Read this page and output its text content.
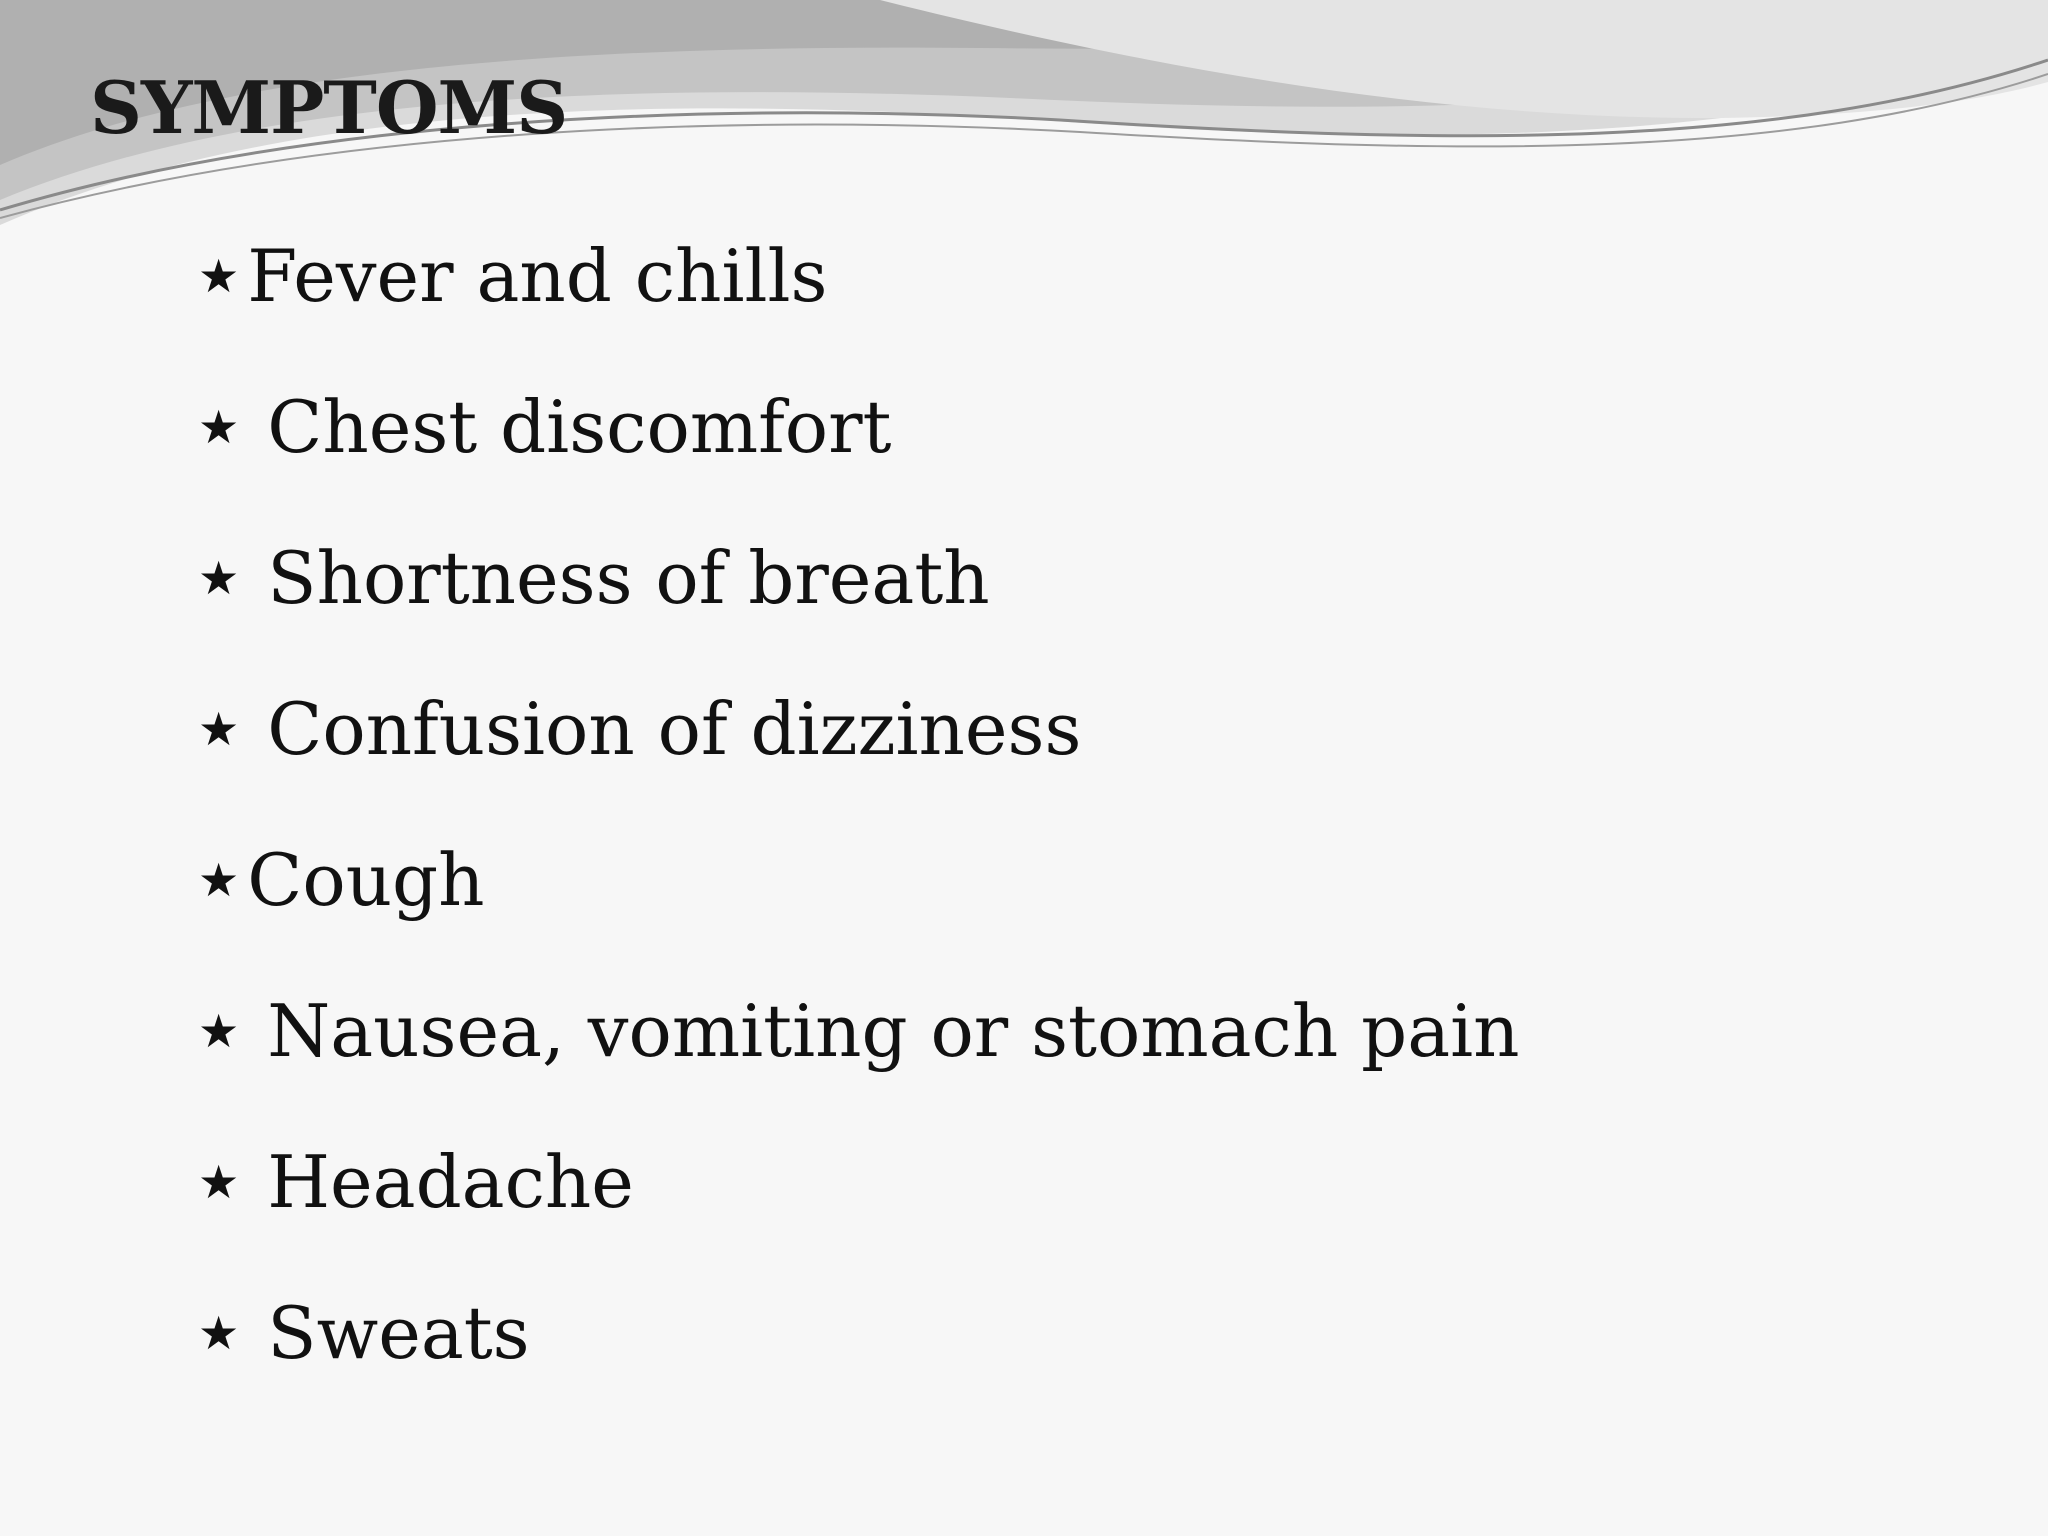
SYMPTOMS
★ Fever and chills
★ Chest discomfort
★ Shortness of breath
★ Confusion of dizziness
★ Cough
★ Nausea, vomiting or stomach pain
★ Headache
★ Sweats
